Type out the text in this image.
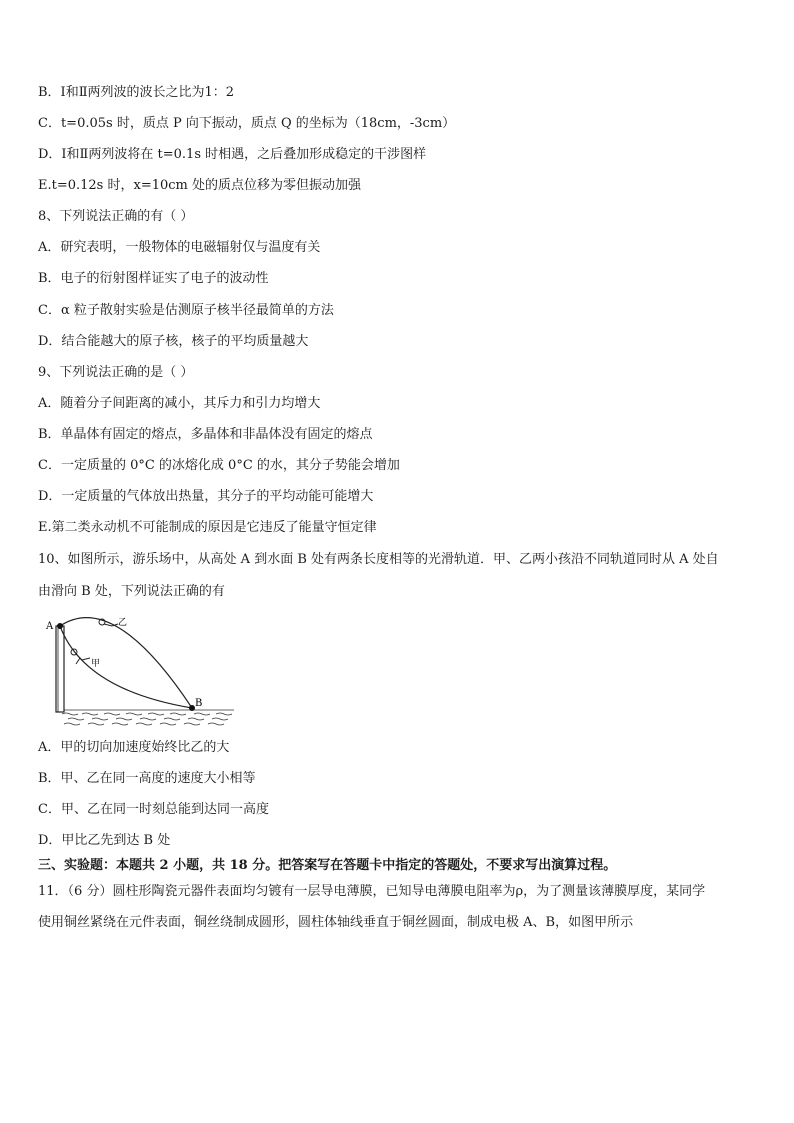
B．Ⅰ和Ⅱ两列波的波长之比为1：2
C．t=0.05s 时，质点 P 向下振动，质点 Q 的坐标为（18cm，-3cm）
D．Ⅰ和Ⅱ两列波将在 t=0.1s 时相遇，之后叠加形成稳定的干涉图样
E.t=0.12s 时，x=10cm 处的质点位移为零但振动加强
8、下列说法正确的有（ ）
A．研究表明，一般物体的电磁辐射仅与温度有关
B．电子的衍射图样证实了电子的波动性
C．α 粒子散射实验是估测原子核半径最简单的方法
D．结合能越大的原子核，核子的平均质量越大
9、下列说法正确的是（ ）
A．随着分子间距离的减小，其斥力和引力均增大
B．单晶体有固定的熔点，多晶体和非晶体没有固定的熔点
C．一定质量的 0°C 的冰熔化成 0°C 的水，其分子势能会增加
D．一定质量的气体放出热量，其分子的平均动能可能增大
E.第二类永动机不可能制成的原因是它违反了能量守恒定律
10、如图所示，游乐场中，从高处 A 到水面 B 处有两条长度相等的光滑轨道．甲、乙两小孩沿不同轨道同时从 A 处自
由滑向 B 处，下列说法正确的有
A
B
乙
甲
A．甲的切向加速度始终比乙的大
B．甲、乙在同一高度的速度大小相等
C．甲、乙在同一时刻总能到达同一高度
D．甲比乙先到达 B 处
三、实验题：本题共 2 小题，共 18 分。把答案写在答题卡中指定的答题处，不要求写出演算过程。
11．（6 分）圆柱形陶瓷元器件表面均匀镀有一层导电薄膜，已知导电薄膜电阻率为ρ，为了测量该薄膜厚度，某同学
使用铜丝紧绕在元件表面，铜丝绕制成圆形，圆柱体轴线垂直于铜丝圆面，制成电极 A、B，如图甲所示
